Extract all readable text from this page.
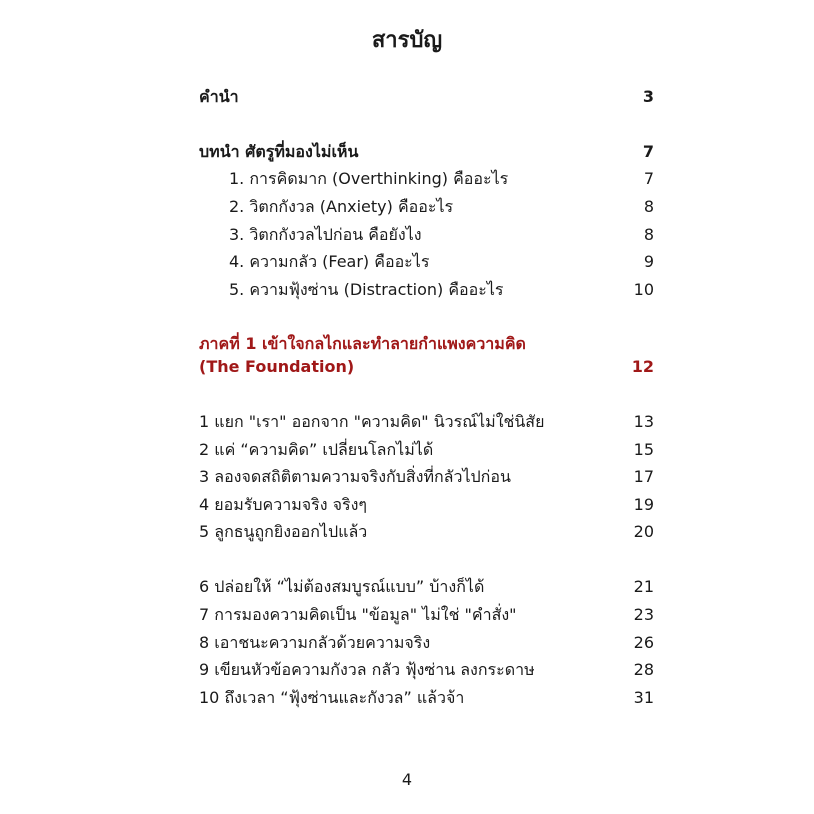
สารบัญ
คำนำ	3
บทนำ ศัตรูที่มองไม่เห็น	7
1. การคิดมาก (Overthinking) คืออะไร	7
2. วิตกกังวล (Anxiety) คืออะไร	8
3. วิตกกังวลไปก่อน คือยังไง	8
4. ความกลัว (Fear) คืออะไร	9
5. ความฟุ้งซ่าน (Distraction) คืออะไร	10
ภาคที่ 1 เข้าใจกลไกและทำลายกำแพงความคิด
(The Foundation)	12
1 แยก "เรา" ออกจาก "ความคิด" นิวรณ์ไม่ใช่นิสัย	13
2 แค่ “ความคิด” เปลี่ยนโลกไม่ได้	15
3 ลองจดสถิติตามความจริงกับสิ่งที่กลัวไปก่อน	17
4 ยอมรับความจริง จริงๆ	19
5 ลูกธนูถูกยิงออกไปแล้ว	20
6 ปล่อยให้ “ไม่ต้องสมบูรณ์แบบ” บ้างก็ได้	21
7 การมองความคิดเป็น "ข้อมูล" ไม่ใช่ "คำสั่ง"	23
8 เอาชนะความกลัวด้วยความจริง	26
9 เขียนหัวข้อความกังวล กลัว ฟุ้งซ่าน ลงกระดาษ	28
10 ถึงเวลา “ฟุ้งซ่านและกังวล” แล้วจ้า	31
4
